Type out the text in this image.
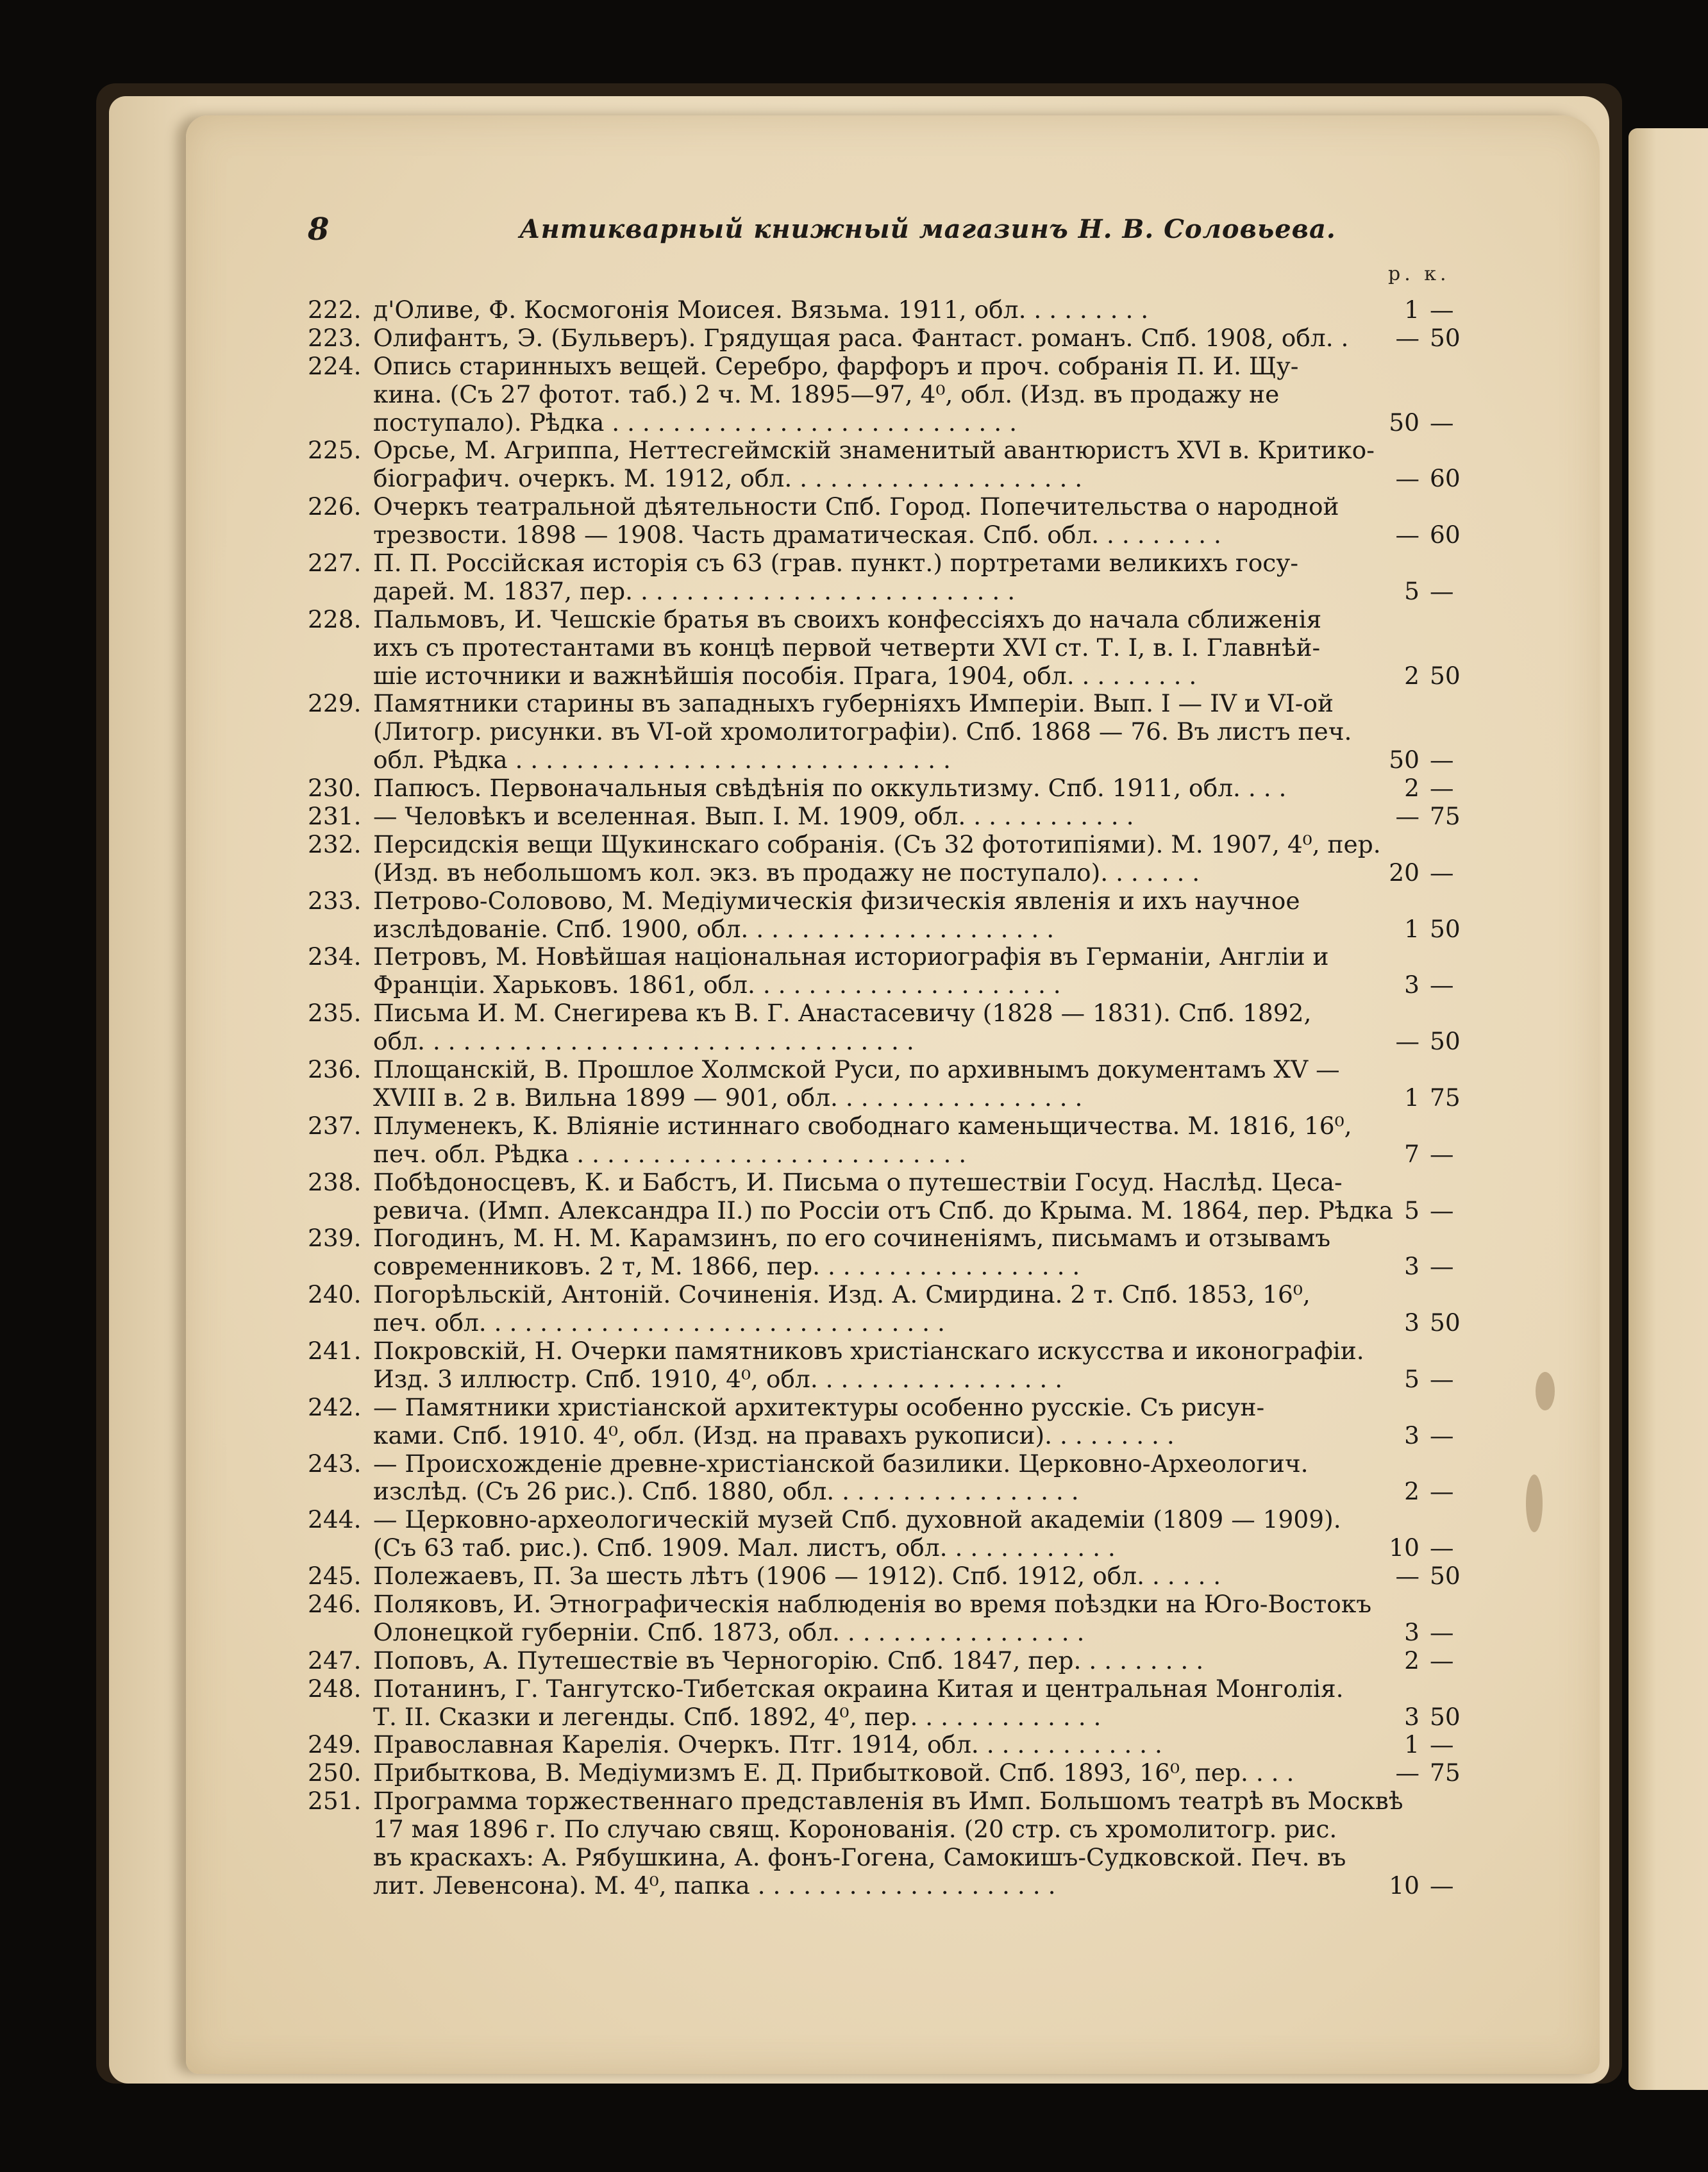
8	Антикварный книжный магазинъ Н. В. Соловьева.
р. к.
222. д'Оливе, Ф. Космогонія Моисея. Вязьма. 1911, обл. . . . . . . . .	1 —
223. Олифантъ, Э. (Бульверъ). Грядущая раса. Фантаст. романъ. Спб. 1908, обл. .	— 50
224. Опись старинныхъ вещей. Серебро, фарфоръ и проч. собранія П. И. Щу-
кина. (Съ 27 фотот. таб.) 2 ч. М. 1895—97, 4⁰, обл. (Изд. въ продажу не
поступало). Рѣдка . . . . . . . . . . . . . . . . . . . . . . . . . . .	50 —
225. Орсье, М. Агриппа, Неттесгеймскій знаменитый авантюристъ XVI в. Критико-
біографич. очеркъ. М. 1912, обл. . . . . . . . . . . . . . . . . . . .	— 60
226. Очеркъ театральной дѣятельности Спб. Город. Попечительства о народной
трезвости. 1898 — 1908. Часть драматическая. Спб. обл. . . . . . . . .	— 60
227. П. П. Россійская исторія съ 63 (грав. пункт.) портретами великихъ госу-
дарей. М. 1837, пер. . . . . . . . . . . . . . . . . . . . . . . . . .	5 —
228. Пальмовъ, И. Чешскіе братья въ своихъ конфессіяхъ до начала сближенія
ихъ съ протестантами въ концѣ первой четверти XVI ст. Т. I, в. I. Главнѣй-
шіе источники и важнѣйшія пособія. Прага, 1904, обл. . . . . . . . .	2 50
229. Памятники старины въ западныхъ губерніяхъ Имперіи. Вып. I — IV и VI-ой
(Литогр. рисунки. въ VI-ой хромолитографіи). Спб. 1868 — 76. Въ листъ печ.
обл. Рѣдка . . . . . . . . . . . . . . . . . . . . . . . . . . . . .	50 —
230. Папюсъ. Первоначальныя свѣдѣнія по оккультизму. Спб. 1911, обл. . . .	2 —
231. — Человѣкъ и вселенная. Вып. I. М. 1909, обл. . . . . . . . . . . .	— 75
232. Персидскія вещи Щукинскаго собранія. (Съ 32 фототипіями). М. 1907, 4⁰, пер.
(Изд. въ небольшомъ кол. экз. въ продажу не поступало). . . . . . .	20 —
233. Петрово-Соловово, М. Медіумическія физическія явленія и ихъ научное
изслѣдованіе. Спб. 1900, обл. . . . . . . . . . . . . . . . . . . . .	1 50
234. Петровъ, М. Новѣйшая національная историографія въ Германіи, Англіи и
Франціи. Харьковъ. 1861, обл. . . . . . . . . . . . . . . . . . . . .	3 —
235. Письма И. М. Снегирева къ В. Г. Анастасевичу (1828 — 1831). Спб. 1892,
обл. . . . . . . . . . . . . . . . . . . . . . . . . . . . . . . . .	— 50
236. Площанскій, В. Прошлое Холмской Руси, по архивнымъ документамъ XV —
XVIII в. 2 в. Вильна 1899 — 901, обл. . . . . . . . . . . . . . . . .	1 75
237. Плуменекъ, К. Вліяніе истиннаго свободнаго каменьщичества. М. 1816, 16⁰,
печ. обл. Рѣдка . . . . . . . . . . . . . . . . . . . . . . . . . .	7 —
238. Побѣдоносцевъ, К. и Бабстъ, И. Письма о путешествіи Госуд. Наслѣд. Цеса-
ревича. (Имп. Александра II.) по Россіи отъ Спб. до Крыма. М. 1864, пер. Рѣдка 5 —
239. Погодинъ, М. Н. М. Карамзинъ, по его сочиненіямъ, письмамъ и отзывамъ
современниковъ. 2 т, М. 1866, пер. . . . . . . . . . . . . . . . . .	3 —
240. Погорѣльскій, Антоній. Сочиненія. Изд. А. Смирдина. 2 т. Спб. 1853, 16⁰,
печ. обл. . . . . . . . . . . . . . . . . . . . . . . . . . . . . . .	3 50
241. Покровскій, Н. Очерки памятниковъ христіанскаго искусства и иконографіи.
Изд. 3 иллюстр. Спб. 1910, 4⁰, обл. . . . . . . . . . . . . . . . .	5 —
242. — Памятники христіанской архитектуры особенно русскіе. Съ рисун-
ками. Спб. 1910. 4⁰, обл. (Изд. на правахъ рукописи). . . . . . . . .	3 —
243. — Происхожденіе древне-христіанской базилики. Церковно-Археологич.
изслѣд. (Съ 26 рис.). Спб. 1880, обл. . . . . . . . . . . . . . . . .	2 —
244. — Церковно-археологическій музей Спб. духовной академіи (1809 — 1909).
(Съ 63 таб. рис.). Спб. 1909. Мал. листъ, обл. . . . . . . . . . . .	10 —
245. Полежаевъ, П. За шесть лѣтъ (1906 — 1912). Спб. 1912, обл. . . . . .	— 50
246. Поляковъ, И. Этнографическія наблюденія во время поѣздки на Юго-Востокъ
Олонецкой губерніи. Спб. 1873, обл. . . . . . . . . . . . . . . . .	3 —
247. Поповъ, А. Путешествіе въ Черногорію. Спб. 1847, пер. . . . . . . . .	2 —
248. Потанинъ, Г. Тангутско-Тибетская окраина Китая и центральная Монголія.
Т. II. Сказки и легенды. Спб. 1892, 4⁰, пер. . . . . . . . . . . . .	3 50
249. Православная Карелія. Очеркъ. Птг. 1914, обл. . . . . . . . . . . . .	1 —
250. Прибыткова, В. Медіумизмъ Е. Д. Прибытковой. Спб. 1893, 16⁰, пер. . . .	— 75
251. Программа торжественнаго представленія въ Имп. Большомъ театрѣ въ Москвѣ
17 мая 1896 г. По случаю свящ. Коронованія. (20 стр. съ хромолитогр. рис.
въ краскахъ: А. Рябушкина, А. фонъ-Гогена, Самокишъ-Судковской. Печ. въ
лит. Левенсона). М. 4⁰, папка . . . . . . . . . . . . . . . . . . . .	10 —
